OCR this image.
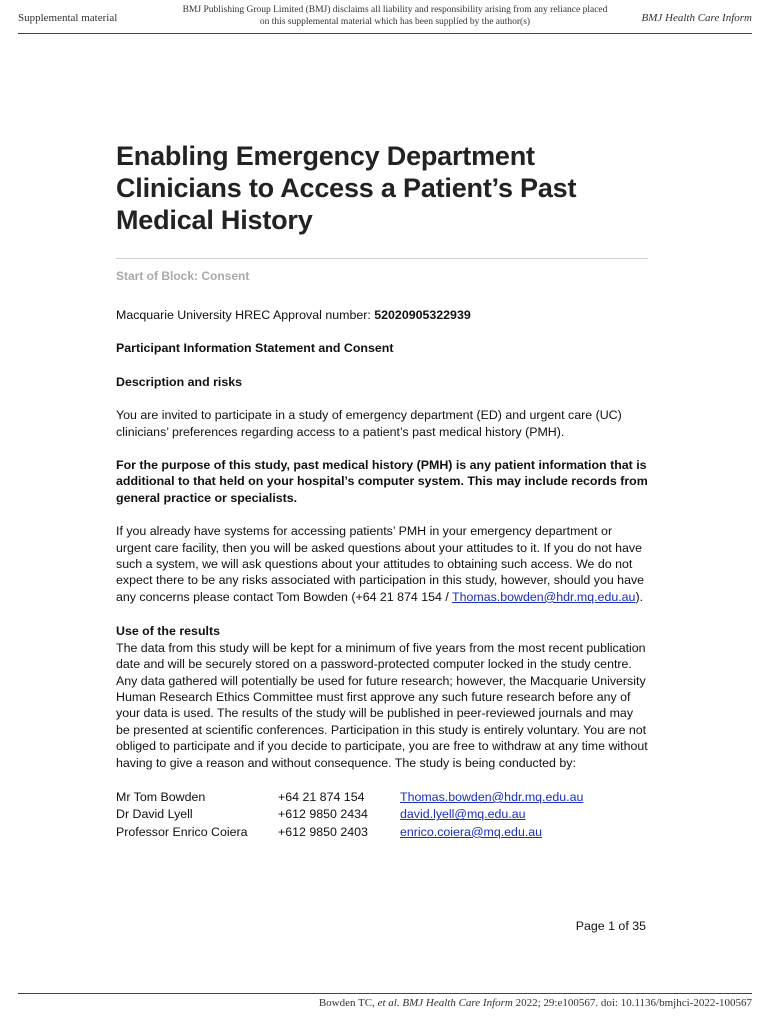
Supplemental material
BMJ Publishing Group Limited (BMJ) disclaims all liability and responsibility arising from any reliance placed on this supplemental material which has been supplied by the author(s)	BMJ Health Care Inform
Enabling Emergency Department Clinicians to Access a Patient’s Past Medical History
Start of Block: Consent

Macquarie University HREC Approval number: 52020905322939

Participant Information Statement and Consent

Description and risks

You are invited to participate in a study of emergency department (ED) and urgent care (UC) clinicians’ preferences regarding access to a patient’s past medical history (PMH).

For the purpose of this study, past medical history (PMH) is any patient information that is additional to that held on your hospital’s computer system. This may include records from general practice or specialists.

If you already have systems for accessing patients’ PMH in your emergency department or urgent care facility, then you will be asked questions about your attitudes to it. If you do not have such a system, we will ask questions about your attitudes to obtaining such access. We do not expect there to be any risks associated with participation in this study, however, should you have any concerns please contact Tom Bowden (+64 21 874 154 / Thomas.bowden@hdr.mq.edu.au).

Use of the results

The data from this study will be kept for a minimum of five years from the most recent publication date and will be securely stored on a password-protected computer locked in the study centre. Any data gathered will potentially be used for future research; however, the Macquarie University Human Research Ethics Committee must first approve any such future research before any of your data is used. The results of the study will be published in peer-reviewed journals and may be presented at scientific conferences. Participation in this study is entirely voluntary. You are not obliged to participate and if you decide to participate, you are free to withdraw at any time without having to give a reason and without consequence. The study is being conducted by:

Mr Tom Bowden	+64 21 874 154	Thomas.bowden@hdr.mq.edu.au
Dr David Lyell	+612 9850 2434	david.lyell@mq.edu.au
Professor Enrico Coiera	+612 9850 2403	enrico.coiera@mq.edu.au
Page 1 of 35
Bowden TC, et al. BMJ Health Care Inform 2022; 29:e100567. doi: 10.1136/bmjhci-2022-100567
